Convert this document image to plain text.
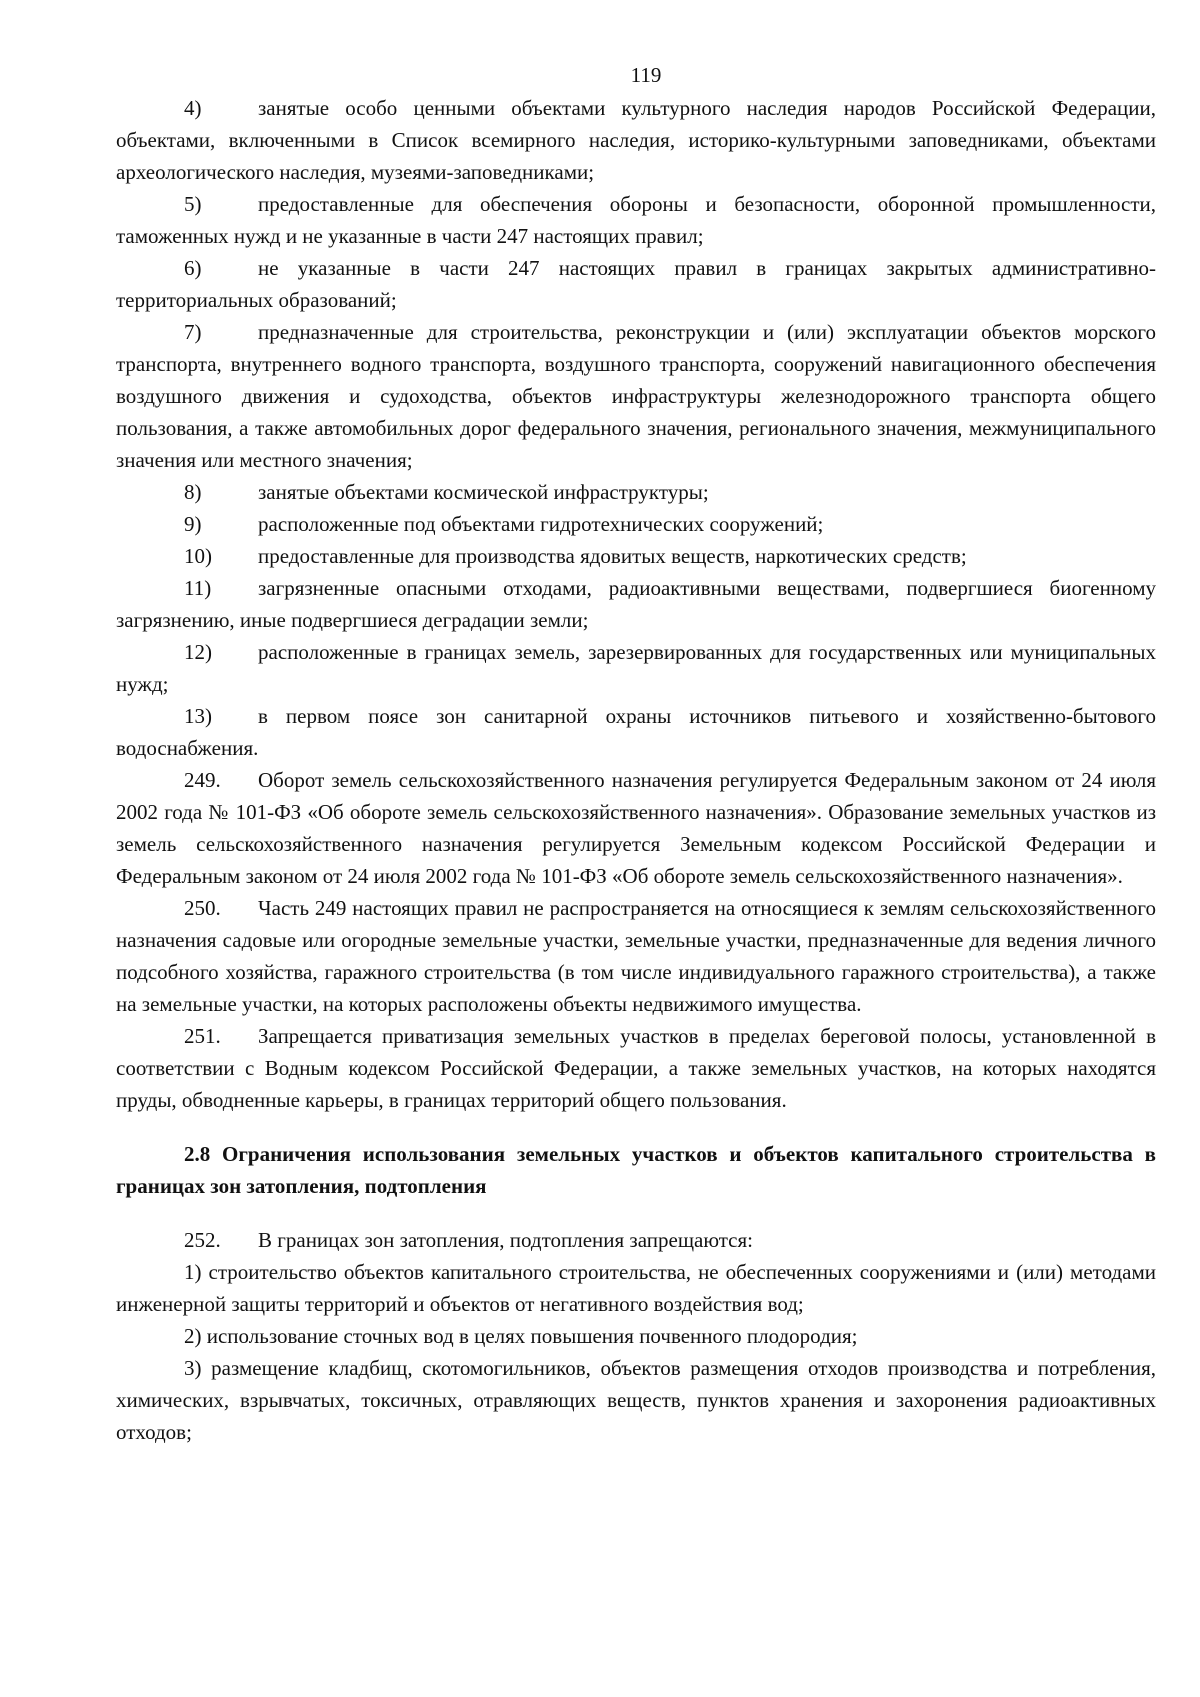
119

4)	занятые особо ценными объектами культурного наследия народов Российской Федерации, объектами, включенными в Список всемирного наследия, историко-культурными заповедниками, объектами археологического наследия, музеями-заповедниками;

5)	предоставленные для обеспечения обороны и безопасности, оборонной промышленности, таможенных нужд и не указанные в части 247 настоящих правил;

6)	не указанные в части 247 настоящих правил в границах закрытых административно-территориальных образований;

7)	предназначенные для строительства, реконструкции и (или) эксплуатации объектов морского транспорта, внутреннего водного транспорта, воздушного транспорта, сооружений навигационного обеспечения воздушного движения и судоходства, объектов инфраструктуры железнодорожного транспорта общего пользования, а также автомобильных дорог федерального значения, регионального значения, межмуниципального значения или местного значения;

8)	занятые объектами космической инфраструктуры;

9)	расположенные под объектами гидротехнических сооружений;

10) предоставленные для производства ядовитых веществ, наркотических средств;

11) загрязненные опасными отходами, радиоактивными веществами, подвергшиеся биогенному загрязнению, иные подвергшиеся деградации земли;

12) расположенные в границах земель, зарезервированных для государственных или муниципальных нужд;

13) в первом поясе зон санитарной охраны источников питьевого и хозяйственно-бытового водоснабжения.

249. Оборот земель сельскохозяйственного назначения регулируется Федеральным законом от 24 июля 2002 года № 101-ФЗ «Об обороте земель сельскохозяйственного назначения». Образование земельных участков из земель сельскохозяйственного назначения регулируется Земельным кодексом Российской Федерации и Федеральным законом от 24 июля 2002 года № 101-ФЗ «Об обороте земель сельскохозяйственного назначения».

250. Часть 249 настоящих правил не распространяется на относящиеся к землям сельскохозяйственного назначения садовые или огородные земельные участки, земельные участки, предназначенные для ведения личного подсобного хозяйства, гаражного строительства (в том числе индивидуального гаражного строительства), а также на земельные участки, на которых расположены объекты недвижимого имущества.

251. Запрещается приватизация земельных участков в пределах береговой полосы, установленной в соответствии с Водным кодексом Российской Федерации, а также земельных участков, на которых находятся пруды, обводненные карьеры, в границах территорий общего пользования.

2.8 Ограничения использования земельных участков и объектов капитального строительства в границах зон затопления, подтопления

252. В границах зон затопления, подтопления запрещаются:

1) строительство объектов капитального строительства, не обеспеченных сооружениями и (или) методами инженерной защиты территорий и объектов от негативного воздействия вод;

2) использование сточных вод в целях повышения почвенного плодородия;

3) размещение кладбищ, скотомогильников, объектов размещения отходов производства и потребления, химических, взрывчатых, токсичных, отравляющих веществ, пунктов хранения и захоронения радиоактивных отходов;
